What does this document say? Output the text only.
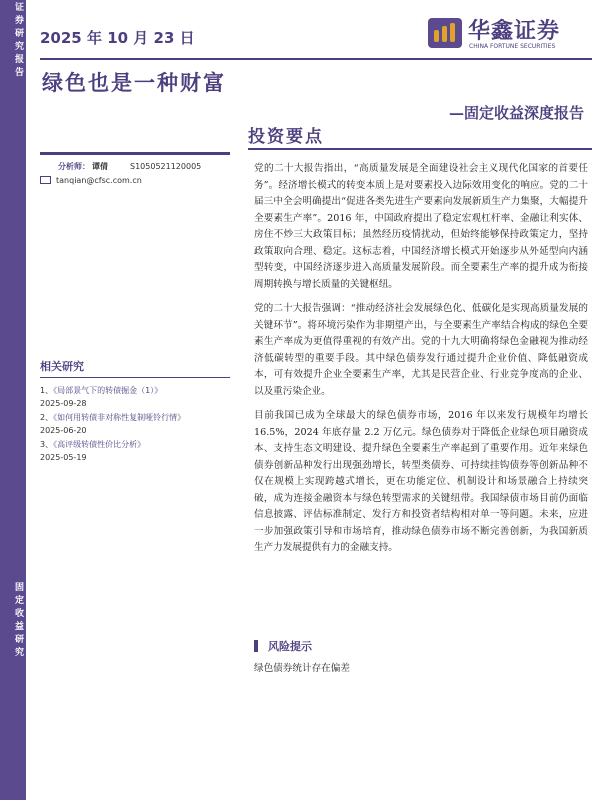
证券研究报告
固定收益研究
2025 年 10 月 23 日	华鑫证券
CHINA FORTUNE SECURITIES
绿色也是一种财富
—固定收益深度报告
分析师： 谭倩	S1050521120005
tanqian@cfsc.com.cn
相关研究
1、《局部景气下的转债掘金（1）》
2025-09-28
2、《如何用转债非对称性复制哑铃行情》
2025-06-20
3、《高评级转债性价比分析》
2025-05-19
投资要点

党的二十大报告指出，“高质量发展是全面建设社会主义现代化国家的首要任务”。经济增长模式的转变本质上是对要素投入边际效用变化的响应。党的二十届三中全会明确提出“促进各类先进生产要素向发展新质生产力集聚，大幅提升全要素生产率”。2016 年，中国政府提出了稳定宏观杠杆率、金融让利实体、房住不炒三大政策目标；虽然经历疫情扰动，但始终能够保持政策定力，坚持政策取向合理、稳定。这标志着，中国经济增长模式开始逐步从外延型向内涵型转变，中国经济逐步进入高质量发展阶段。而全要素生产率的提升成为衔接周期转换与增长质量的关键枢纽。

党的二十大报告强调：“推动经济社会发展绿色化、低碳化是实现高质量发展的关键环节”。将环境污染作为非期望产出，与全要素生产率结合构成的绿色全要素生产率成为更值得重视的有效产出。党的十九大明确将绿色金融视为推动经济低碳转型的重要手段。其中绿色债券发行通过提升企业价值、降低融资成本，可有效提升企业全要素生产率，尤其是民营企业、行业竞争度高的企业、以及重污染企业。

目前我国已成为全球最大的绿色债券市场，2016 年以来发行规模年均增长 16.5%，2024 年底存量 2.2 万亿元。绿色债券对于降低企业绿色项目融资成本、支持生态文明建设、提升绿色全要素生产率起到了重要作用。近年来绿色债券创新品种发行出现强劲增长，转型类债券、可持续挂钩债券等创新品种不仅在规模上实现跨越式增长，更在功能定位、机制设计和场景融合上持续突破，成为连接金融资本与绿色转型需求的关键纽带。我国绿债市场目前仍面临信息披露、评估标准制定、发行方和投资者结构相对单一等问题。未来，应进一步加强政策引导和市场培育，推动绿色债券市场不断完善创新，为我国新质生产力发展提供有力的金融支持。

风险提示
绿色债券统计存在偏差
